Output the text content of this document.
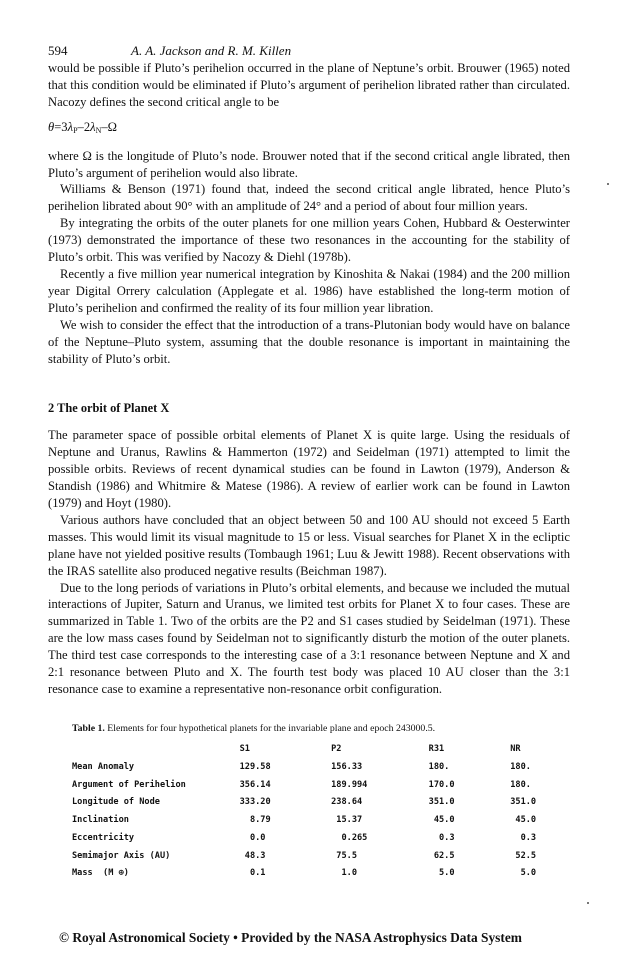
594	A. A. Jackson and R. M. Killen

would be possible if Pluto’s perihelion occurred in the plane of Neptune’s orbit. Brouwer (1965) noted that this condition would be eliminated if Pluto’s argument of perihelion librated rather than circulated. Nacozy defines the second critical angle to be

$\theta=3\lambda_P-2\lambda_N-\Omega$

where Ω is the longitude of Pluto’s node. Brouwer noted that if the second critical angle librated, then Pluto’s argument of perihelion would also librate.

Williams & Benson (1971) found that, indeed the second critical angle librated, hence Pluto’s perihelion librated about 90° with an amplitude of 24° and a period of about four million years.

By integrating the orbits of the outer planets for one million years Cohen, Hubbard & Oesterwinter (1973) demonstrated the importance of these two resonances in the accounting for the stability of Pluto’s orbit. This was verified by Nacozy & Diehl (1978b).

Recently a five million year numerical integration by Kinoshita & Nakai (1984) and the 200 million year Digital Orrery calculation (Applegate et al. 1986) have established the long-term motion of Pluto’s perihelion and confirmed the reality of its four million year libration.

We wish to consider the effect that the introduction of a trans-Plutonian body would have on balance of the Neptune–Pluto system, assuming that the double resonance is important in maintaining the stability of Pluto’s orbit.

2 The orbit of Planet X

The parameter space of possible orbital elements of Planet X is quite large. Using the residuals of Neptune and Uranus, Rawlins & Hammerton (1972) and Seidelman (1971) attempted to limit the possible orbits. Reviews of recent dynamical studies can be found in Lawton (1979), Anderson & Standish (1986) and Whitmire & Matese (1986). A review of earlier work can be found in Lawton (1979) and Hoyt (1980).

Various authors have concluded that an object between 50 and 100 AU should not exceed 5 Earth masses. This would limit its visual magnitude to 15 or less. Visual searches for Planet X in the ecliptic plane have not yielded positive results (Tombaugh 1961; Luu & Jewitt 1988). Recent observations with the IRAS satellite also produced negative results (Beichman 1987).

Due to the long periods of variations in Pluto’s orbital elements, and because we included the mutual interactions of Jupiter, Saturn and Uranus, we limited test orbits for Planet X to four cases. These are summarized in Table 1. Two of the orbits are the P2 and S1 cases studied by Seidelman (1971). These are the low mass cases found by Seidelman not to significantly disturb the motion of the outer planets. The third test case corresponds to the interesting case of a 3:1 resonance between Neptune and X and 2:1 resonance between Pluto and X. The fourth test body was placed 10 AU closer than the 3:1 resonance case to examine a representative non-resonance orbit configuration.

Table 1. Elements for four hypothetical planets for the invariable plane and epoch 243000.5.
	S1	P2	R31	NR
Mean Anomaly	129.58	156.33	180.	180.
Argument of Perihelion	356.14	189.994	170.0	180.
Longitude of Node	333.20	238.64	351.0	351.0
Inclination	8.79	15.37	45.0	45.0
Eccentricity	0.0	0.265	0.3	0.3
Semimajor Axis (AU)	48.3	75.5	62.5	52.5
Mass  (M ⊕)	0.1	1.0	5.0	5.0
© Royal Astronomical Society • Provided by the NASA Astrophysics Data System
